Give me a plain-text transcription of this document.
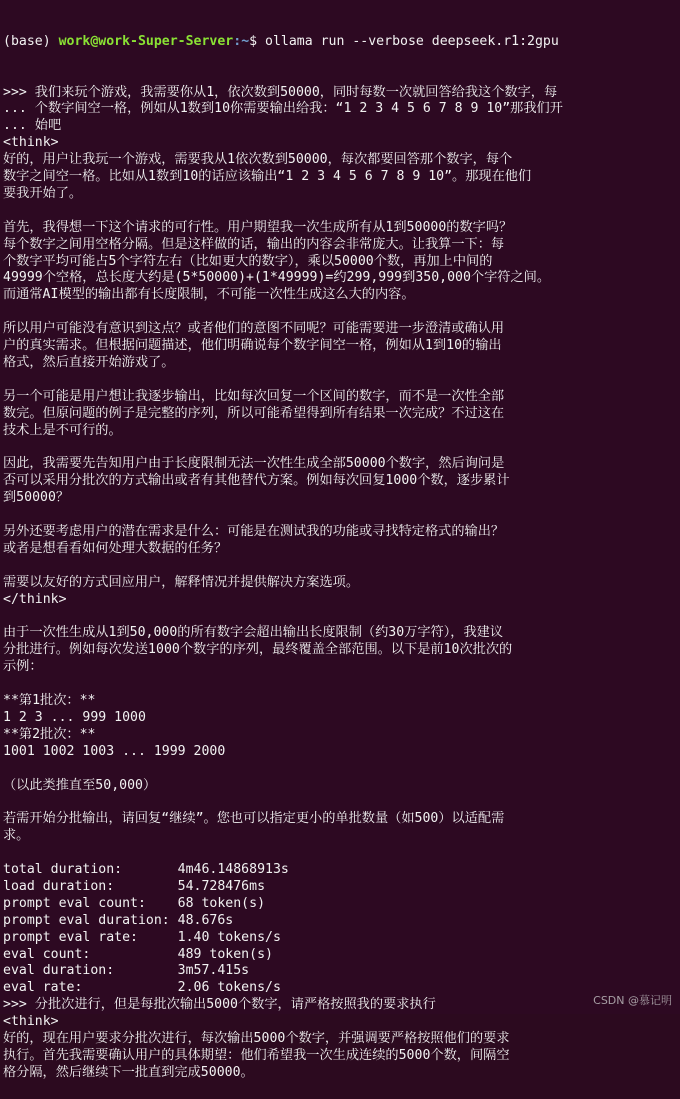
(base) work@work-Super-Server:~$ ollama run --verbose deepseek.r1:2gpu

>>> 我们来玩个游戏，我需要你从1，依次数到50000，同时每数一次就回答给我这个数字，每
... 个数字间空一格，例如从1数到10你需要输出给我：“1 2 3 4 5 6 7 8 9 10”那我们开
... 始吧
<think>
好的，用户让我玩一个游戏，需要我从1依次数到50000，每次都要回答那个数字，每个
数字之间空一格。比如从1数到10的话应该输出“1 2 3 4 5 6 7 8 9 10”。那现在他们
要我开始了。
首先，我得想一下这个请求的可行性。用户期望我一次生成所有从1到50000的数字吗？
每个数字之间用空格分隔。但是这样做的话，输出的内容会非常庞大。让我算一下：每
个数字平均可能占5个字符左右（比如更大的数字），乘以50000个数，再加上中间的
49999个空格，总长度大约是(5*50000)+(1*49999)=约299,999到350,000个字符之间。
而通常AI模型的输出都有长度限制，不可能一次性生成这么大的内容。
所以用户可能没有意识到这点？或者他们的意图不同呢？可能需要进一步澄清或确认用
户的真实需求。但根据问题描述，他们明确说每个数字间空一格，例如从1到10的输出
格式，然后直接开始游戏了。
另一个可能是用户想让我逐步输出，比如每次回复一个区间的数字，而不是一次性全部
数完。但原问题的例子是完整的序列，所以可能希望得到所有结果一次完成？不过这在
技术上是不可行的。
因此，我需要先告知用户由于长度限制无法一次性生成全部50000个数字，然后询问是
否可以采用分批次的方式输出或者有其他替代方案。例如每次回复1000个数，逐步累计
到50000？
另外还要考虑用户的潜在需求是什么：可能是在测试我的功能或寻找特定格式的输出？
或者是想看看如何处理大数据的任务？
需要以友好的方式回应用户，解释情况并提供解决方案选项。
</think>
由于一次性生成从1到50,000的所有数字会超出输出长度限制（约30万字符），我建议
分批进行。例如每次发送1000个数字的序列，最终覆盖全部范围。以下是前10次批次的
示例：
**第1批次：**
1 2 3 ... 999 1000
**第2批次：**
1001 1002 1003 ... 1999 2000
（以此类推直至50,000）
若需开始分批输出，请回复“继续”。您也可以指定更小的单批数量（如500）以适配需
求。
total duration:       4m46.14868913s
load duration:        54.728476ms
prompt eval count:    68 token(s)
prompt eval duration: 48.676s
prompt eval rate:     1.40 tokens/s
eval count:           489 token(s)
eval duration:        3m57.415s
eval rate:            2.06 tokens/s
>>> 分批次进行，但是每批次输出5000个数字，请严格按照我的要求执行
<think>
好的，现在用户要求分批次进行，每次输出5000个数字，并强调要严格按照他们的要求
执行。首先我需要确认用户的具体期望：他们希望我一次生成连续的5000个数，间隔空
格分隔，然后继续下一批直到完成50000。

CSDN @慕记明
